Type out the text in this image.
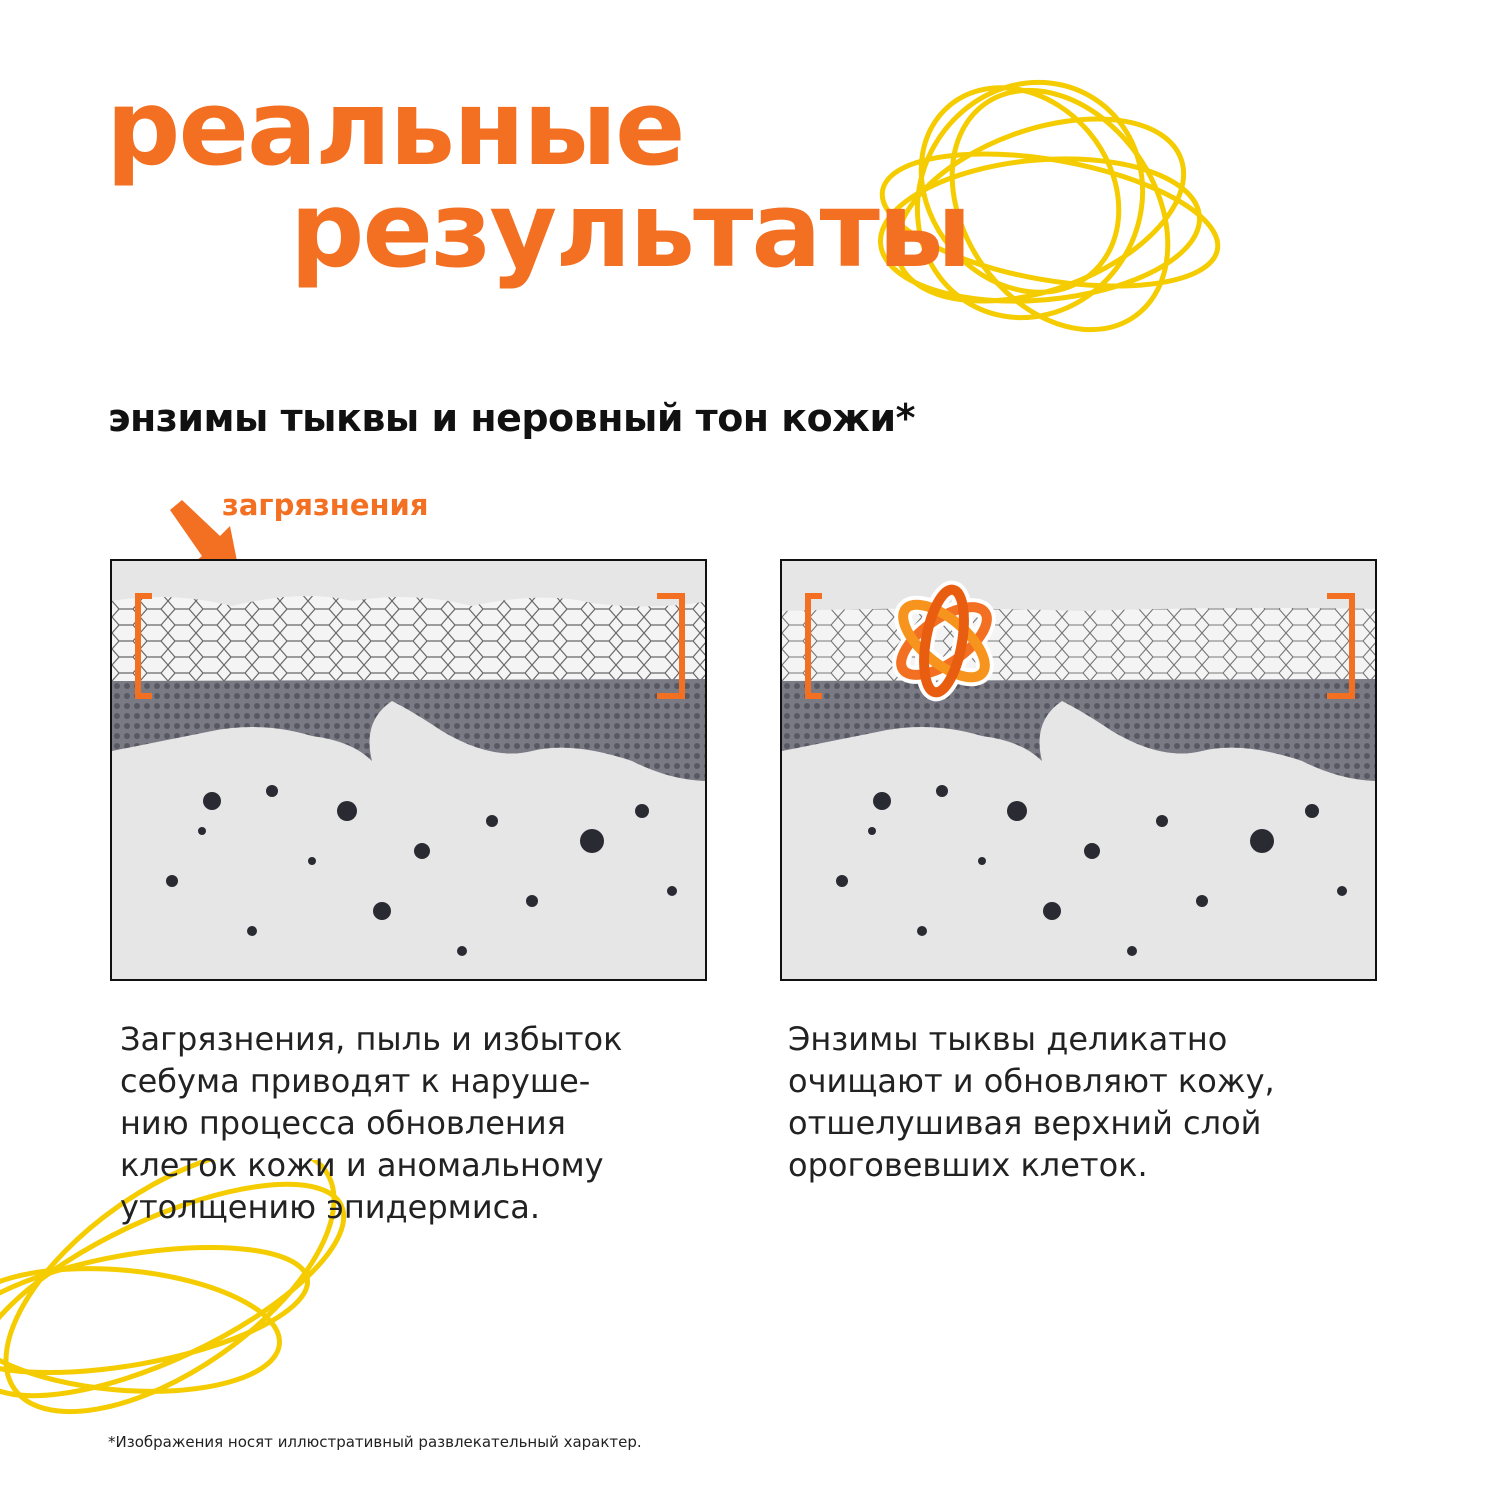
реальные
результаты
энзимы тыквы и неровный тон кожи*
загрязнения
Загрязнения, пыль и избыток
себума приводят к наруше-
нию процесса обновления
клеток кожи и аномальному
утолщению эпидермиса.
Энзимы тыквы деликатно
очищают и обновляют кожу,
отшелушивая верхний слой
ороговевших клеток.
*Изображения носят иллюстративный развлекательный характер.
